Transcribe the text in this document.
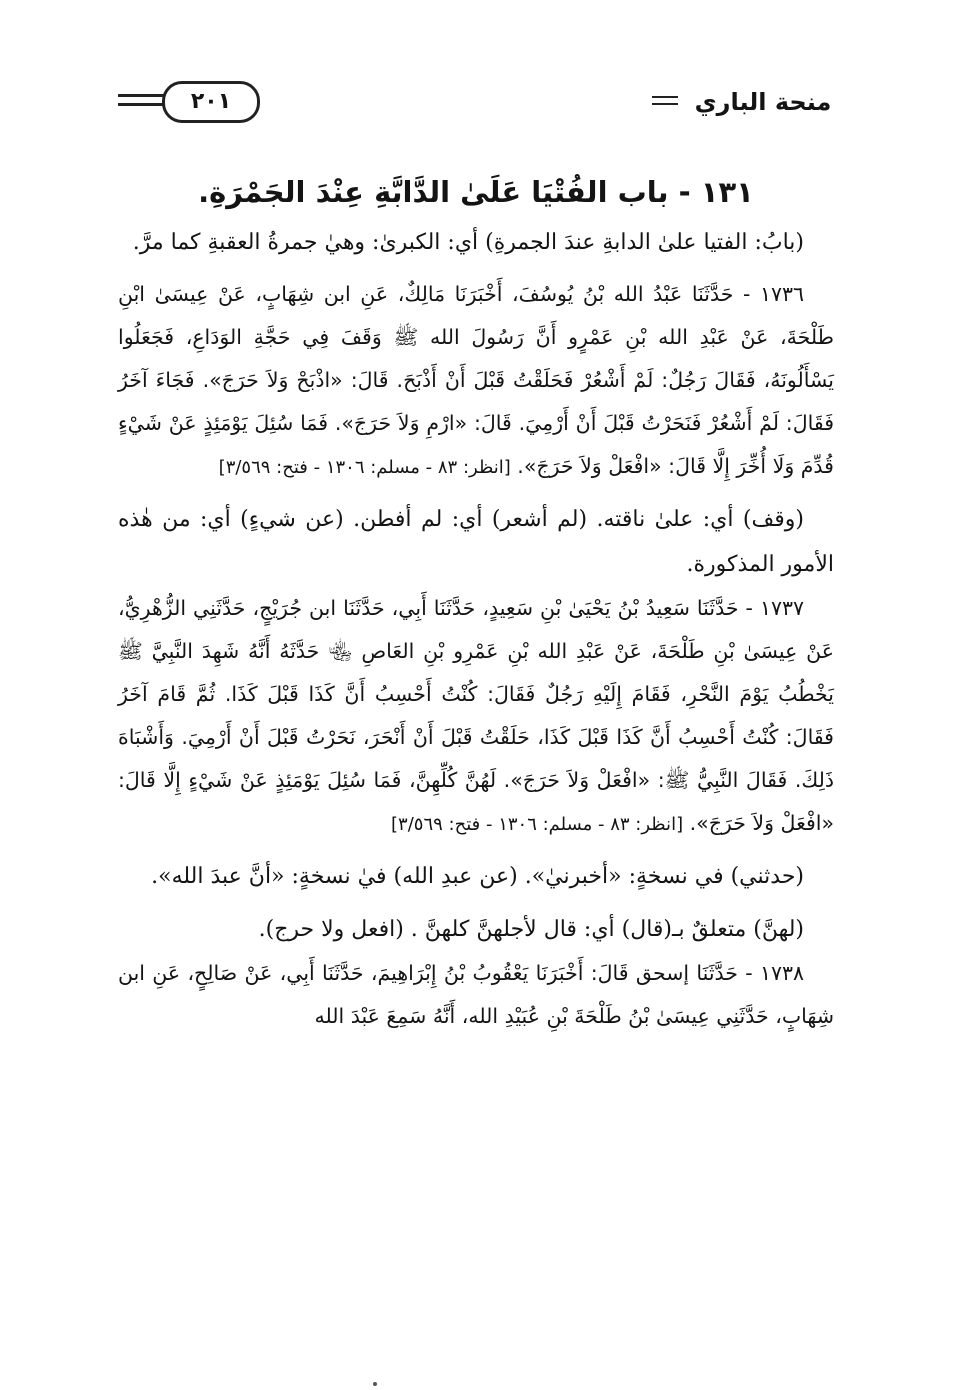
منحة الباري
٢٠١
١٣١ - باب الفُتْيَا عَلَىٰ الدَّابَّةِ عِنْدَ الجَمْرَةِ.

(بابُ: الفتيا علىٰ الدابةِ عندَ الجمرةِ) أي: الكبرىٰ: وهيٰ جمرةُ العقبةِ كما مرَّ.

١٧٣٦ - حَدَّثَنَا عَبْدُ الله بْنُ يُوسُفَ، أَخْبَرَنَا مَالِكٌ، عَنِ ابن شِهَابٍ، عَنْ عِيسَىٰ ابْنِ طَلْحَةَ، عَنْ عَبْدِ الله بْنِ عَمْرٍو أَنَّ رَسُولَ الله ﷺ وَقَفَ فِي حَجَّةِ الوَدَاعِ، فَجَعَلُوا يَسْأَلُونَهُ، فَقَالَ رَجُلٌ: لَمْ أَشْعُرْ فَحَلَقْتُ قَبْلَ أَنْ أَذْبَحَ. قَالَ: «اذْبَحْ وَلاَ حَرَجَ». فَجَاءَ آخَرُ فَقَالَ: لَمْ أَشْعُرْ فَنَحَرْتُ قَبْلَ أَنْ أَرْمِيَ. قَالَ: «ارْمِ وَلاَ حَرَجَ». فَمَا سُئِلَ يَوْمَئِذٍ عَنْ شَيْءٍ قُدِّمَ وَلَا أُخِّرَ إِلَّا قَالَ: «افْعَلْ وَلاَ حَرَجَ». [انظر: ٨٣ - مسلم: ١٣٠٦ - فتح: ٣/٥٦٩]

(وقف) أي: علىٰ ناقته. (لم أشعر) أي: لم أفطن. (عن شيءٍ) أي: من هٰذه الأمور المذكورة.

١٧٣٧ - حَدَّثَنَا سَعِيدُ بْنُ يَحْيَىٰ بْنِ سَعِيدٍ، حَدَّثَنَا أَبِي، حَدَّثَنَا ابن جُرَيْجٍ، حَدَّثَنِي الزُّهْرِيُّ، عَنْ عِيسَىٰ بْنِ طَلْحَةَ، عَنْ عَبْدِ الله بْنِ عَمْرِو بْنِ العَاصِ ﵄ حَدَّثَهُ أَنَّهُ شَهِدَ النَّبِيَّ ﷺ يَخْطُبُ يَوْمَ النَّحْرِ، فَقَامَ إِلَيْهِ رَجُلٌ فَقَالَ: كُنْتُ أَحْسِبُ أَنَّ كَذَا قَبْلَ كَذَا. ثُمَّ قَامَ آخَرُ فَقَالَ: كُنْتُ أَحْسِبُ أَنَّ كَذَا قَبْلَ كَذَا، حَلَقْتُ قَبْلَ أَنْ أَنْحَرَ، نَحَرْتُ قَبْلَ أَنْ أَرْمِيَ. وَأَشْبَاهَ ذَلِكَ. فَقَالَ النَّبِيُّ ﷺ: «افْعَلْ وَلاَ حَرَجَ». لَهُنَّ كُلِّهِنَّ، فَمَا سُئِلَ يَوْمَئِذٍ عَنْ شَيْءٍ إِلَّا قَالَ: «افْعَلْ وَلاَ حَرَجَ». [انظر: ٨٣ - مسلم: ١٣٠٦ - فتح: ٣/٥٦٩]

(حدثني) في نسخةٍ: «أخبرنيٰ». (عن عبدِ الله) فيٰ نسخةٍ: «أنَّ عبدَ الله».

(لهنَّ) متعلقٌ بـ(قال) أي: قال لأجلهنَّ كلهنَّ . (افعل ولا حرج).

١٧٣٨ - حَدَّثَنَا إسحق قَالَ: أَخْبَرَنَا يَعْقُوبُ بْنُ إِبْرَاهِيمَ، حَدَّثَنَا أَبِي، عَنْ صَالِحٍ، عَنِ ابن شِهَابٍ، حَدَّثَنِي عِيسَىٰ بْنُ طَلْحَةَ بْنِ عُبَيْدِ الله، أَنَّهُ سَمِعَ عَبْدَ الله
